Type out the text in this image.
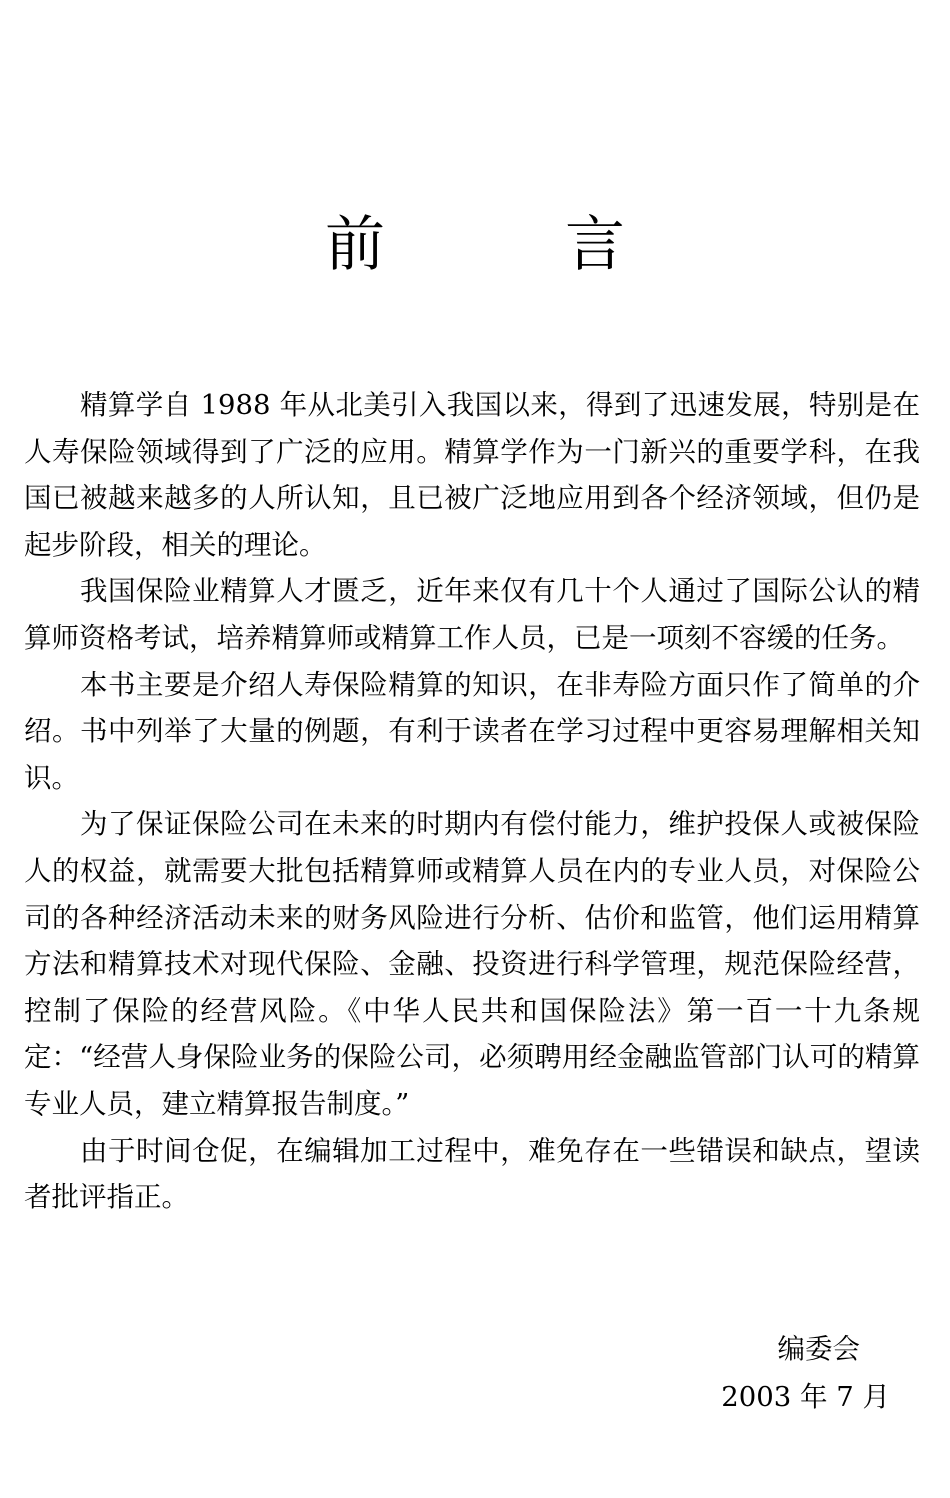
前　　　言

精算学自 1988 年从北美引入我国以来，得到了迅速发展，特别是在人寿保险领域得到了广泛的应用。精算学作为一门新兴的重要学科，在我国已被越来越多的人所认知，且已被广泛地应用到各个经济领域，但仍是起步阶段，相关的理论。

我国保险业精算人才匮乏，近年来仅有几十个人通过了国际公认的精算师资格考试，培养精算师或精算工作人员，已是一项刻不容缓的任务。

本书主要是介绍人寿保险精算的知识，在非寿险方面只作了简单的介绍。书中列举了大量的例题，有利于读者在学习过程中更容易理解相关知识。

为了保证保险公司在未来的时期内有偿付能力，维护投保人或被保险人的权益，就需要大批包括精算师或精算人员在内的专业人员，对保险公司的各种经济活动未来的财务风险进行分析、估价和监管，他们运用精算方法和精算技术对现代保险、金融、投资进行科学管理，规范保险经营，控制了保险的经营风险。《中华人民共和国保险法》第一百一十九条规定：“经营人身保险业务的保险公司，必须聘用经金融监管部门认可的精算专业人员，建立精算报告制度。”

由于时间仓促，在编辑加工过程中，难免存在一些错误和缺点，望读者批评指正。

编委会
2003 年 7 月
